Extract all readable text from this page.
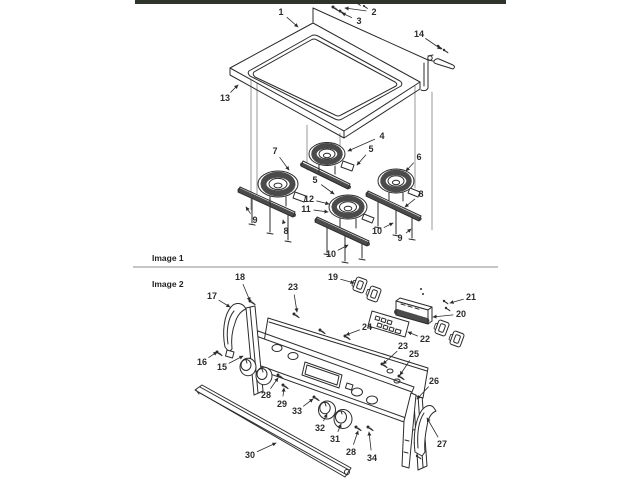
Image 1
Image 2
1	2
3
13
14
4
5
6
7
5
12
11
9
8
8
10
9
10
15
16
17
18	19
20
21
22
23
23
24
25
26
27
28
28
29
30
31
32
33
34
